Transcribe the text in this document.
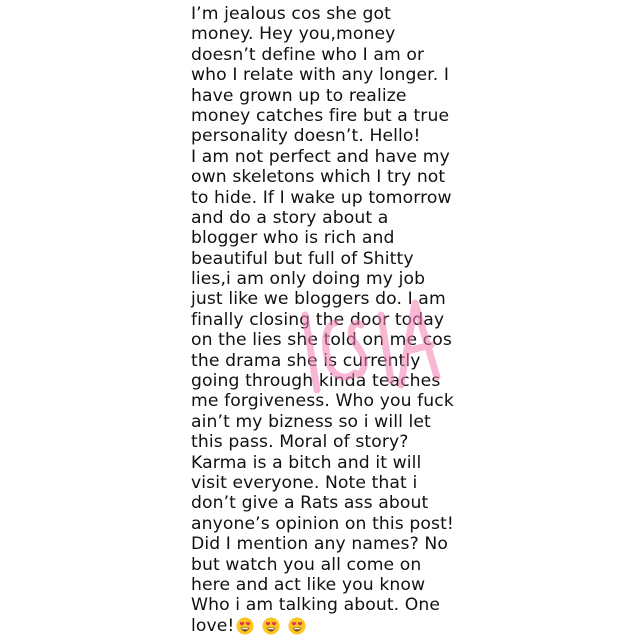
I’m jealous cos she got
money. Hey you,money
doesn’t define who I am or
who I relate with any longer. I
have grown up to realize
money catches fire but a true
personality doesn’t. Hello!
I am not perfect and have my
own skeletons which I try not
to hide. If I wake up tomorrow
and do a story about a
blogger who is rich and
beautiful but full of Shitty
lies,i am only doing my job
just like we bloggers do. I am
finally closing the door today
on the lies she told on me cos
the drama she is currently
going through kinda teaches
me forgiveness. Who you fuck
ain’t my bizness so i will let
this pass. Moral of story?
Karma is a bitch and it will
visit everyone. Note that i
don’t give a Rats ass about
anyone’s opinion on this post!
Did I mention any names? No
but watch you all come on
here and act like you know
Who i am talking about. One
love!
